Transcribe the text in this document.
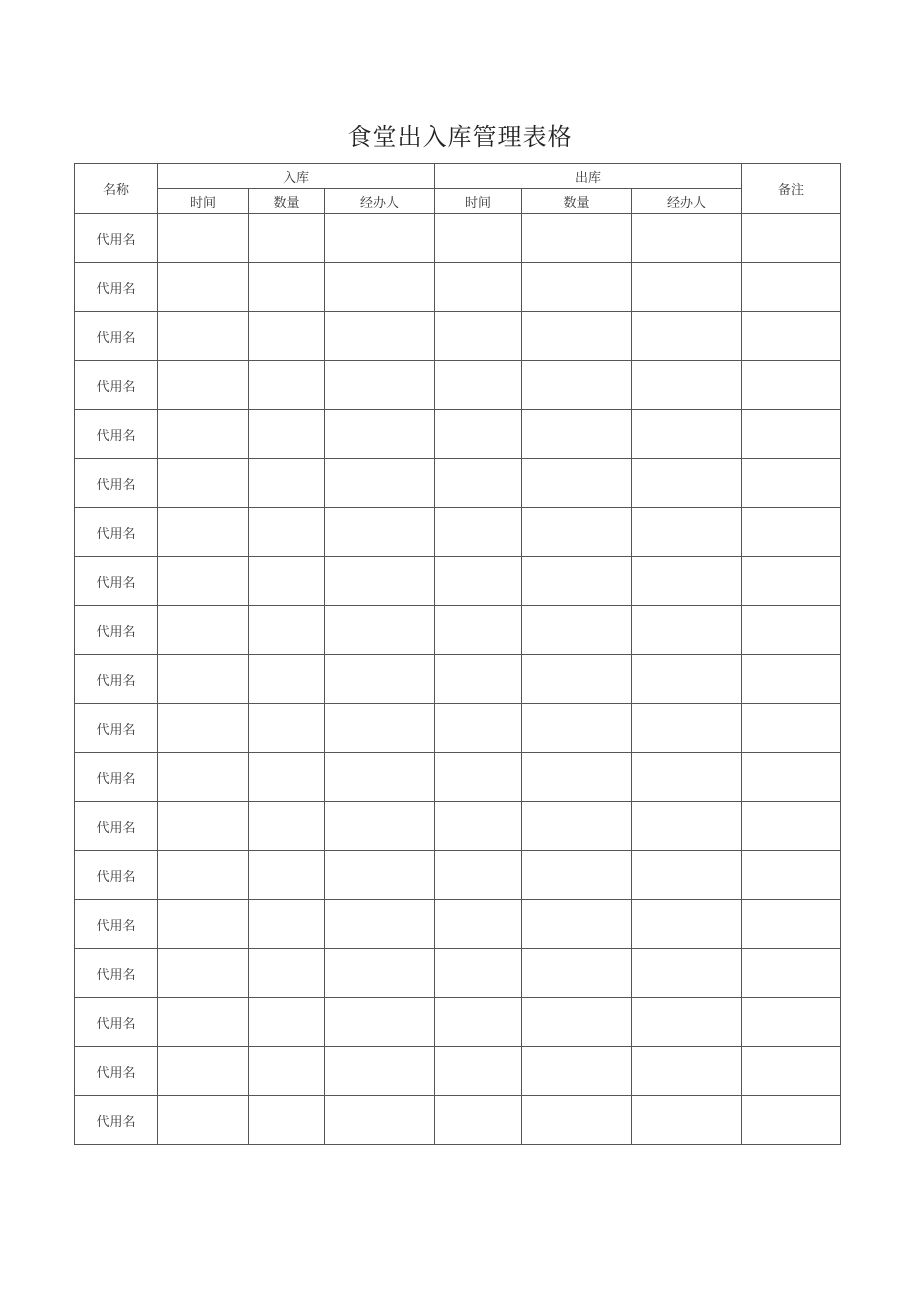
食堂出入库管理表格
名称	入库			出库			备注
	时间	数量	经办人	时间	数量	经办人	
代用名							
代用名							
代用名							
代用名							
代用名							
代用名							
代用名							
代用名							
代用名							
代用名							
代用名							
代用名							
代用名							
代用名							
代用名							
代用名							
代用名							
代用名							
代用名							
